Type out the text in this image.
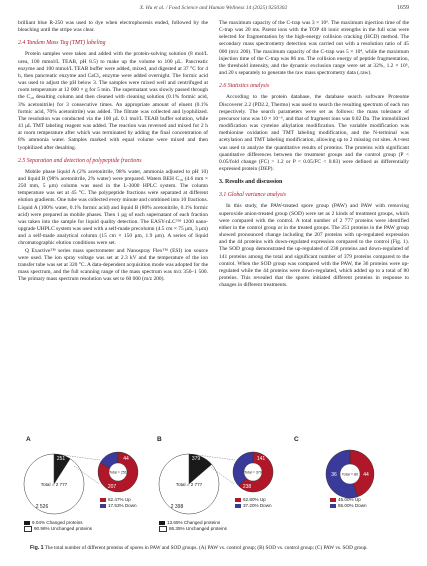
X. Hu et al. / Food Science and Human Wellness 14 (2025) 9250302	1659

brilliant blue R-250 was used to dye when electrophoresis ended, followed by the bleaching until the stripe was clear.

2.4 Tandem Mass Tag (TMT) labeling

Protein samples were taken and added with the protein-solving solution (8 mol/L urea, 100 mmol/L TEAB, pH 8.5) to make up the volume to 100 μL. Pancreatic enzyme and 100 mmol/L TEAB buffer were added, mixed, and digested at 37 °C for 4 h, then pancreatic enzyme and CaCl₂ enzyme were added overnight. The formic acid was used to adjust the pH below 3. The samples were mixed well and centrifuged at room temperature at 12 000 × g for 5 min. The supernatant was slowly passed through the C₁₈ desalting column and then cleaned with cleaning solution (0.1% formic acid, 3% acetonitrile) for 3 consecutive times. An appropriate amount of eluent (0.1% formic acid, 70% acetonitrile) was added. The filtrate was collected and lyophilized. The resolution was conducted via the 100 μL 0.1 mol/L TEAB buffer solution, while 41 μL TMT labeling reagent was added. The reaction was reversed and mixed for 2 h at room temperature after which was terminated by adding the final concentration of 8% ammonia water. Samples marked with equal volume were mixed and then lyophilized after desalting.

2.5 Separation and detection of polypeptide fractions

Mobile phase liquid A (2% acetonitrile, 98% water, ammonia adjusted to pH 10) and liquid B (98% acetonitrile, 2% water) were prepared. Waters BEH C₁₈ (4.6 mm × 250 mm, 5 μm) column was used in the L-3000 HPLC system. The column temperature was set at 45 °C. The polypeptide fractions were separated at different elution gradients. One tube was collected every minute and combined into 10 fractions. Liquid A (100% water, 0.1% formic acid) and liquid B (80% acetonitrile, 0.1% formic acid) were prepared as mobile phases. Then 1 μg of each supernatant of each fraction was taken into the sample for liquid quality detection. The EASY-nLC™ 1200 nano-upgrade UHPLC system was used with a self-made precolumn (4.5 cm × 75 μm, 3 μm) and a self-made analytical column (15 cm × 150 μm, 1.9 μm). A series of liquid chromatographic elution conditions were set.

Q Exactive™ series mass spectrometer and Nanospray Flex™ (ESI) ion source were used. The ion spray voltage was set at 2.3 kV and the temperature of the ion transfer tube was set at 320 °C. A data-dependent acquisition mode was adopted for the mass spectrum, and the full scanning range of the mass spectrum was m/z 350–1 500. The primary mass spectrum resolution was set to 60 000 (m/z 200).

The maximum capacity of the C-trap was 3 × 10⁶. The maximum injection time of the C-trap was 20 ms. Parent ions with the TOP 40 ionic strengths in the full scan were selected for fragmentation by the high-energy collision cracking (HCD) method. The secondary mass spectrometry detection was carried out with a resolution ratio of 45 000 (m/z 200). The maximum capacity of the C-trap was 5 × 10⁴, while the maximum injection time of the C-trap was 86 ms. The collision energy of peptide fragmentation, the threshold intensity, and the dynamic exclusion range were set at 32%, 1.2 × 10⁵, and 20 s separately to generate the raw mass spectrometry data (.raw).

2.6 Statistics analysis

According to the protein database, the database search software Proteome Discoverer 2.2 (PD2.2, Thermo) was used to search the resulting spectrum of each run respectively. The search parameters were set as follows: the mass tolerance of precursor ions was 10 × 10⁻⁶, and that of fragment ions was 0.02 Da. The immobilized modification was cysteine alkylation modification. The variable modification was methionine oxidation and TMT labeling modification, and the N-terminal was acetylation and TMT labeling modification, allowing up to 2 missing cut sites. A t-test was used to analyze the quantitative results of proteins. The proteins with significant quantitative differences between the treatment groups and the control group (P < 0.05/fold change (FC) > 1.2 or P < 0.05/FC < 0.83) were defined as differentially expressed protein (DEP).

3. Results and discussion
3.1 Global variance analysis

In this study, the PAW-treated spore group (PAW) and PAW with removing superoxide anion-treated group (SOD) were set as 2 kinds of treatment groups, which were compared with the control. A total number of 2 777 proteins were identified either in the control group or in the treated groups. The 251 proteins in the PAW group showed pronounced change including the 207 proteins with up-regulated expression and the 44 proteins with down-regulated expression compared to the control (Fig. 1). The SOD group demonstrated the up-regulated of 238 proteins and down-regulated of 141 proteins among the total and significant number of 379 proteins compared to the control. When the SOD group was compared with the PAW, the 36 proteins were up-regulated while the 44 proteins were down-regulated, which added up to a total of 80 proteins. This revealed that the spores initiated different proteins in response to changes in different treatments.

A
Total = 2 777
2 526
251
Total = 251
207
44
9.04% Changed proteins
90.96% Unchanged proteins
82.47% Up
17.53% Down
B
Total = 2 777
2 398
379
Total = 379
238
141
13.65% Changed proteins
86.35% Unchanged proteins
62.80% Up
37.20% Down
C
Total = 80
36	44
45.00% Up
55.00% Down
Fig. 1 The total number of different proteins of spores in PAW and SOD groups. (A) PAW vs. control group; (B) SOD vs. control group; (C) PAW vs. SOD group.
